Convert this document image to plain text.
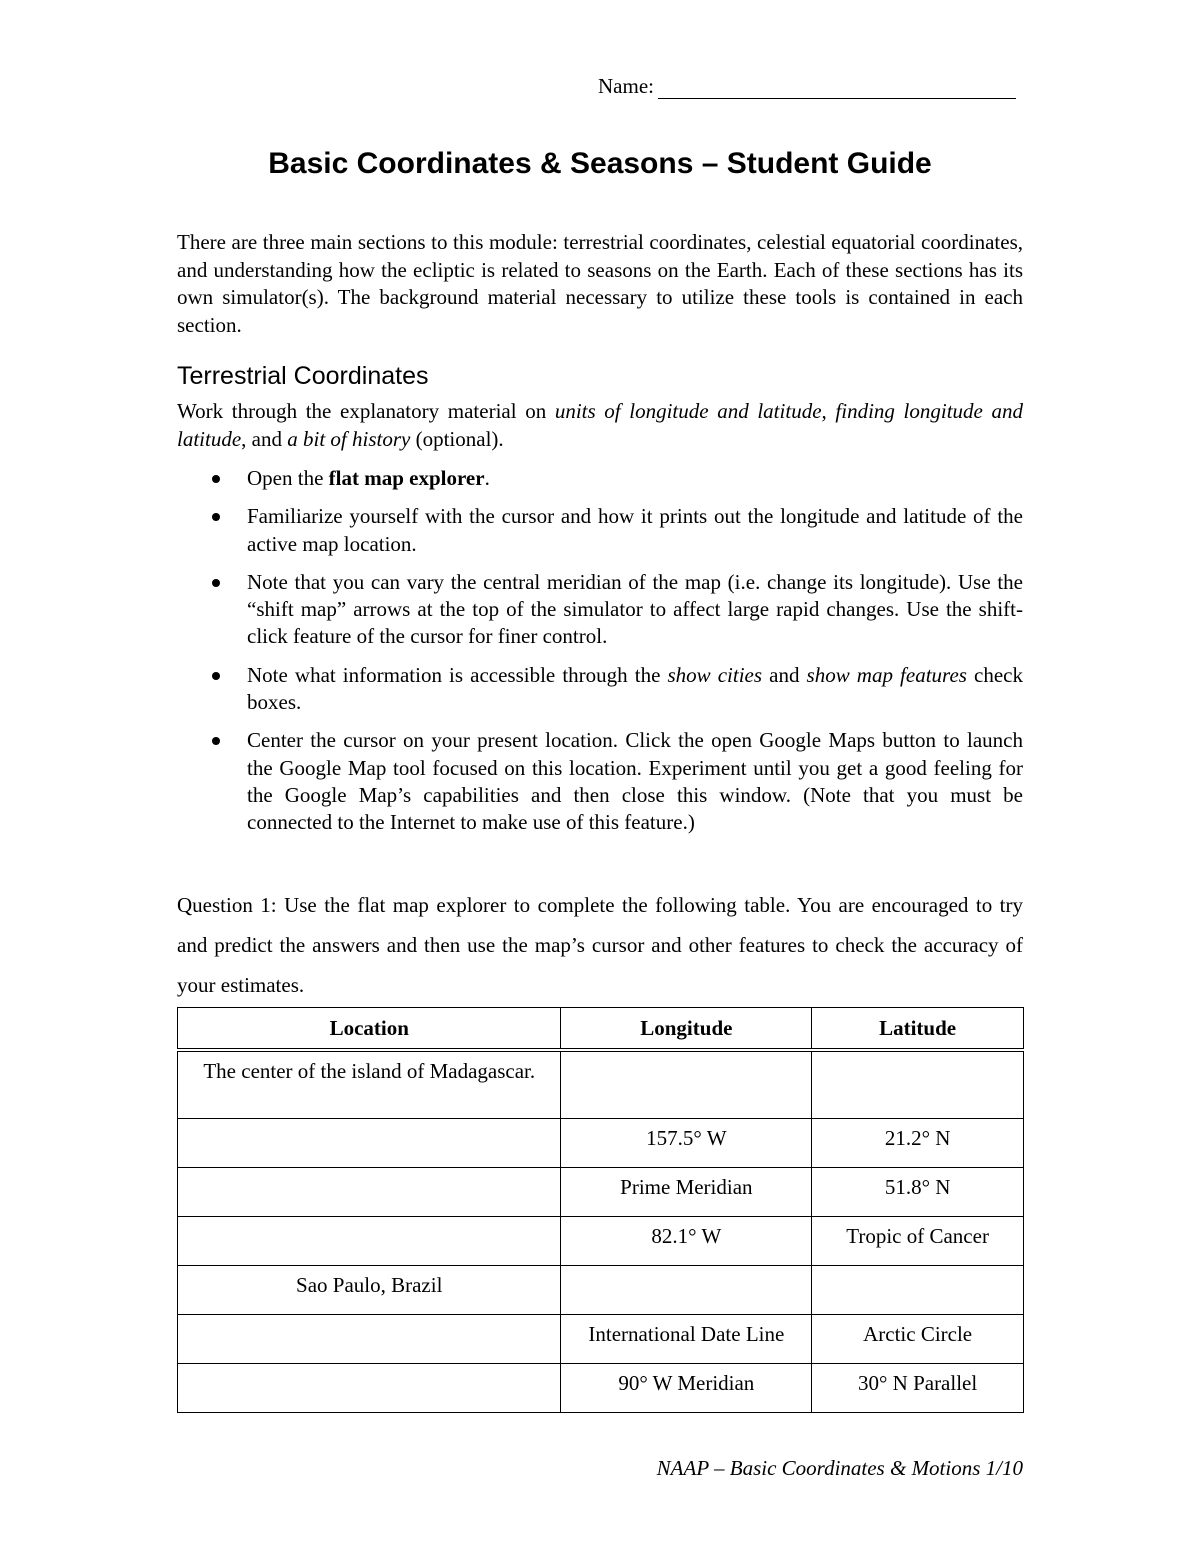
Name:
Basic Coordinates & Seasons – Student Guide

There are three main sections to this module: terrestrial coordinates, celestial equatorial coordinates, and understanding how the ecliptic is related to seasons on the Earth. Each of these sections has its own simulator(s). The background material necessary to utilize these tools is contained in each section.

Terrestrial Coordinates

Work through the explanatory material on units of longitude and latitude, finding longitude and latitude, and a bit of history (optional).

Open the flat map explorer.
Familiarize yourself with the cursor and how it prints out the longitude and latitude of the active map location.
Note that you can vary the central meridian of the map (i.e. change its longitude). Use the “shift map” arrows at the top of the simulator to affect large rapid changes. Use the shift-click feature of the cursor for finer control.
Note what information is accessible through the show cities and show map features check boxes.
Center the cursor on your present location. Click the open Google Maps button to launch the Google Map tool focused on this location. Experiment until you get a good feeling for the Google Map’s capabilities and then close this window. (Note that you must be connected to the Internet to make use of this feature.)

Question 1: Use the flat map explorer to complete the following table. You are encouraged to try and predict the answers and then use the map’s cursor and other features to check the accuracy of your estimates.

Location	Longitude	Latitude
The center of the island of Madagascar.		
	157.5° W	21.2° N
	Prime Meridian	51.8° N
	82.1° W	Tropic of Cancer
Sao Paulo, Brazil		
	International Date Line	Arctic Circle
	90° W Meridian	30° N Parallel
NAAP – Basic Coordinates & Motions 1/10
